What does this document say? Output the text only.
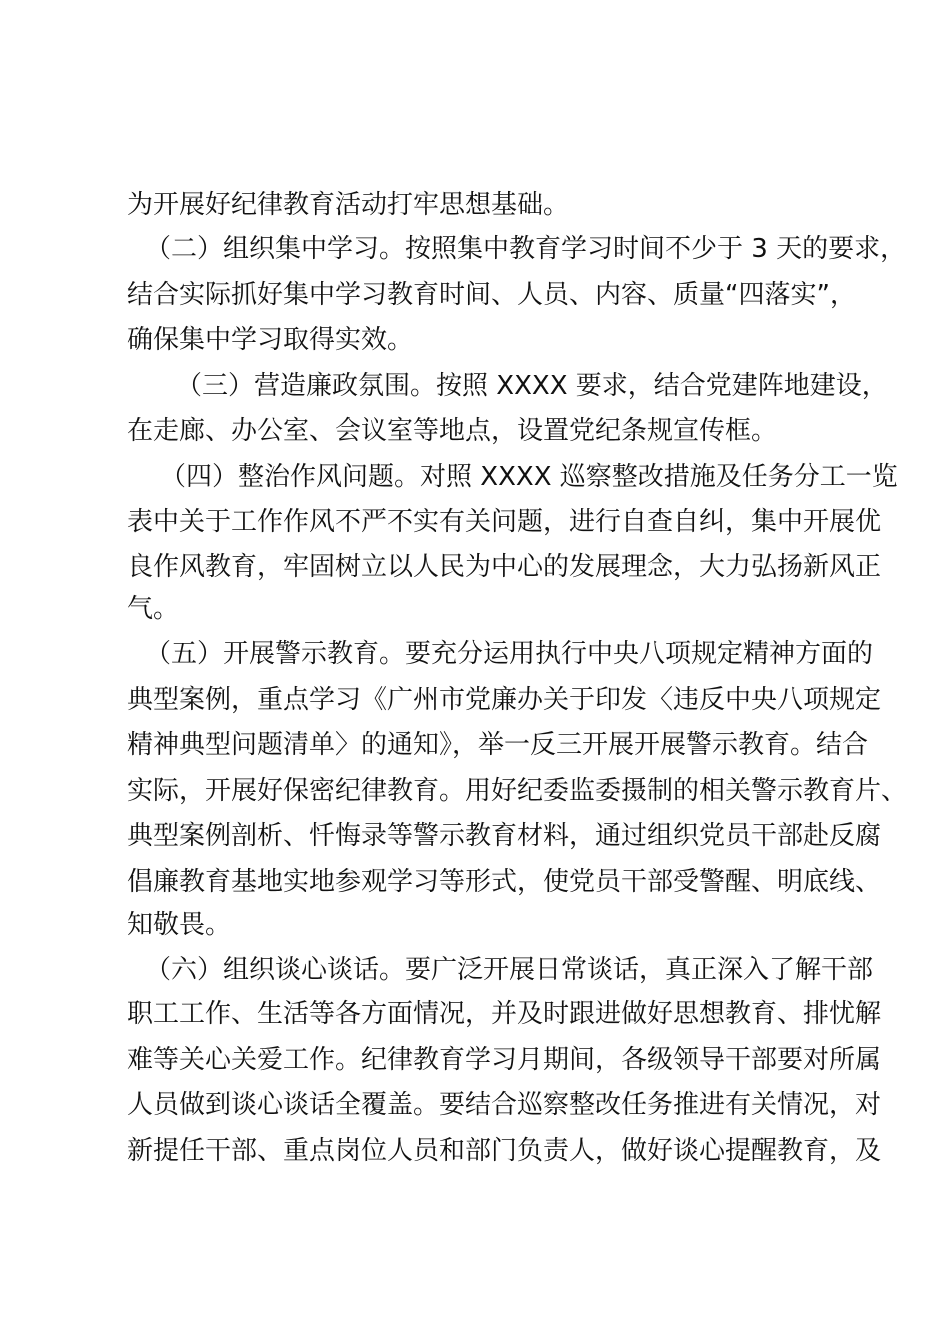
为开展好纪律教育活动打牢思想基础。
（二）组织集中学习。按照集中教育学习时间不少于 3 天的要求，
结合实际抓好集中学习教育时间、人员、内容、质量“四落实”，
确保集中学习取得实效。
（三）营造廉政氛围。按照 XXXX 要求，结合党建阵地建设，
在走廊、办公室、会议室等地点，设置党纪条规宣传框。
（四）整治作风问题。对照 XXXX 巡察整改措施及任务分工一览
表中关于工作作风不严不实有关问题，进行自查自纠，集中开展优
良作风教育，牢固树立以人民为中心的发展理念，大力弘扬新风正
气。
（五）开展警示教育。要充分运用执行中央八项规定精神方面的
典型案例，重点学习《广州市党廉办关于印发〈违反中央八项规定
精神典型问题清单〉的通知》，举一反三开展开展警示教育。结合
实际，开展好保密纪律教育。用好纪委监委摄制的相关警示教育片、
典型案例剖析、忏悔录等警示教育材料，通过组织党员干部赴反腐
倡廉教育基地实地参观学习等形式，使党员干部受警醒、明底线、
知敬畏。
（六）组织谈心谈话。要广泛开展日常谈话，真正深入了解干部
职工工作、生活等各方面情况，并及时跟进做好思想教育、排忧解
难等关心关爱工作。纪律教育学习月期间，各级领导干部要对所属
人员做到谈心谈话全覆盖。要结合巡察整改任务推进有关情况，对
新提任干部、重点岗位人员和部门负责人，做好谈心提醒教育，及
